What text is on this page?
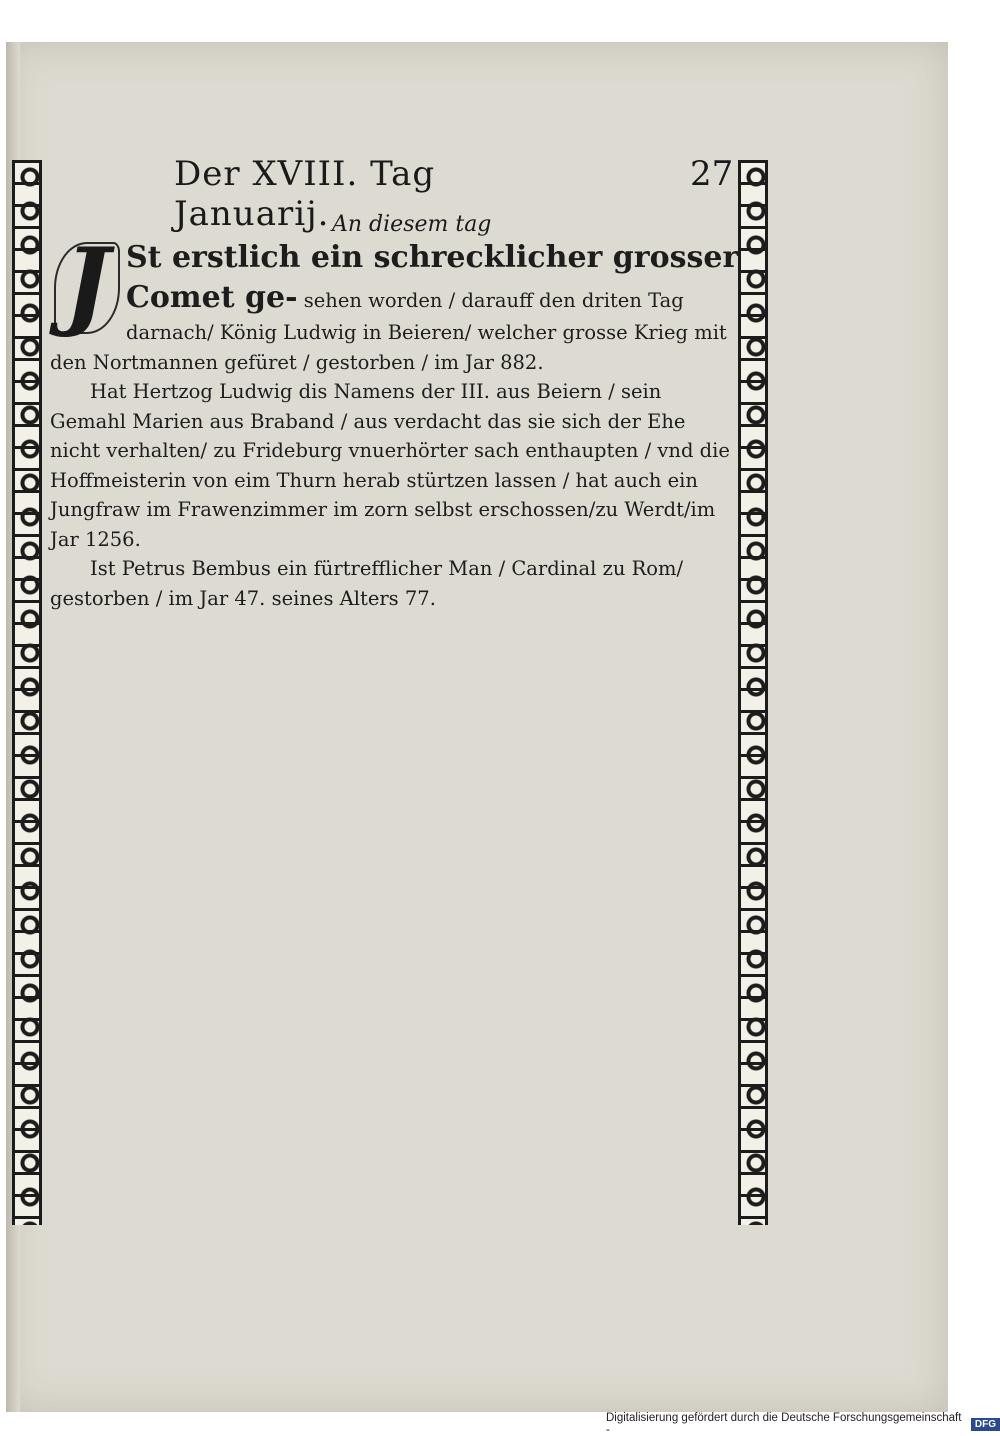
Der XVIII. Tag Januarij.
27
An diesem tag
J St erstlich ein schrecklicher grosser Comet ge- sehen worden / darauff den driten Tag darnach/ König Ludwig in Beieren/ welcher grosse Krieg mit den Nortmannen gefüret / gestorben / im Jar 882.

Hat Hertzog Ludwig dis Namens der III. aus Beiern / sein Gemahl Marien aus Braband / aus verdacht das sie sich der Ehe nicht verhalten/ zu Frideburg vnuerhörter sach enthaupten / vnd die Hoffmeisterin von eim Thurn herab stürtzen lassen / hat auch ein Jungfraw im Frawenzimmer im zorn selbst erschossen/zu Werdt/im Jar 1256.

Ist Petrus Bembus ein fürtrefflicher Man / Cardinal zu Rom/ gestorben / im Jar 47. seines Alters 77.

Digitalisierung gefördert durch die Deutsche Forschungsgemeinschaft -	DFG
